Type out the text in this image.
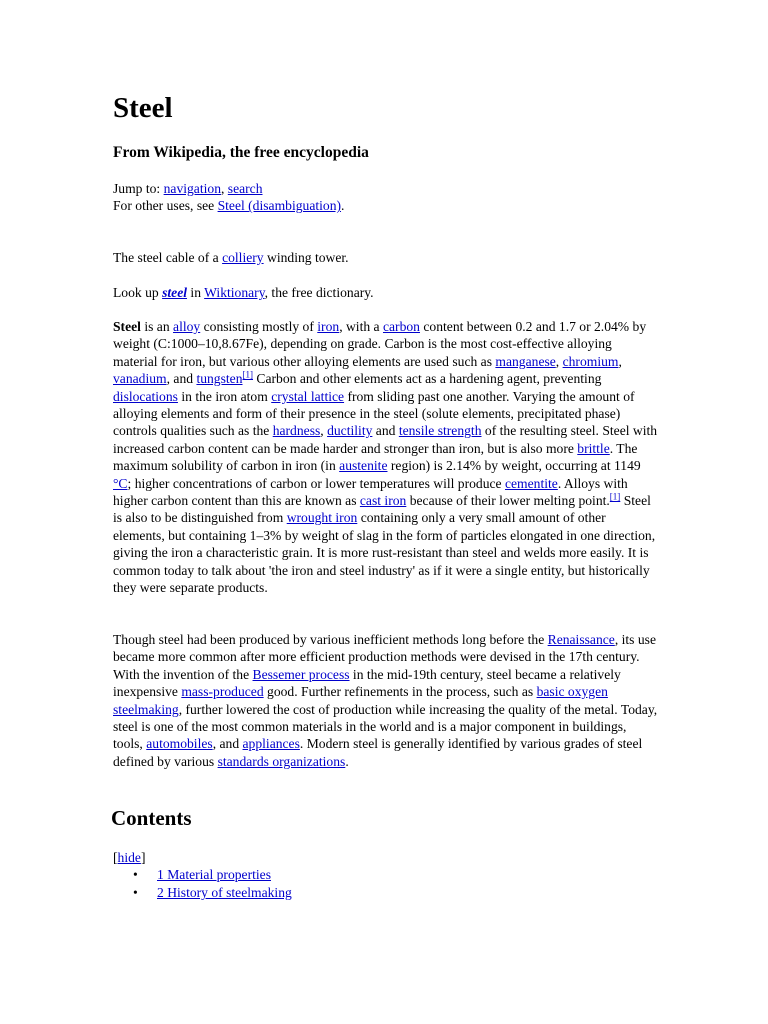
Steel

From Wikipedia, the free encyclopedia

Jump to: navigation, search
For other uses, see Steel (disambiguation).

The steel cable of a colliery winding tower.

Look up steel in Wiktionary, the free dictionary.

Steel is an alloy consisting mostly of iron, with a carbon content between 0.2 and 1.7 or 2.04% by weight (C:1000–10,8.67Fe), depending on grade. Carbon is the most cost-effective alloying material for iron, but various other alloying elements are used such as manganese, chromium, vanadium, and tungsten[1] Carbon and other elements act as a hardening agent, preventing dislocations in the iron atom crystal lattice from sliding past one another. Varying the amount of alloying elements and form of their presence in the steel (solute elements, precipitated phase) controls qualities such as the hardness, ductility and tensile strength of the resulting steel. Steel with increased carbon content can be made harder and stronger than iron, but is also more brittle. The maximum solubility of carbon in iron (in austenite region) is 2.14% by weight, occurring at 1149 °C; higher concentrations of carbon or lower temperatures will produce cementite. Alloys with higher carbon content than this are known as cast iron because of their lower melting point.[1] Steel is also to be distinguished from wrought iron containing only a very small amount of other elements, but containing 1–3% by weight of slag in the form of particles elongated in one direction, giving the iron a characteristic grain. It is more rust-resistant than steel and welds more easily. It is common today to talk about 'the iron and steel industry' as if it were a single entity, but historically they were separate products.

Though steel had been produced by various inefficient methods long before the Renaissance, its use became more common after more efficient production methods were devised in the 17th century. With the invention of the Bessemer process in the mid-19th century, steel became a relatively inexpensive mass-produced good. Further refinements in the process, such as basic oxygen steelmaking, further lowered the cost of production while increasing the quality of the metal. Today, steel is one of the most common materials in the world and is a major component in buildings, tools, automobiles, and appliances. Modern steel is generally identified by various grades of steel defined by various standards organizations.

Contents

[hide]

• 1 Material properties
• 2 History of steelmaking
